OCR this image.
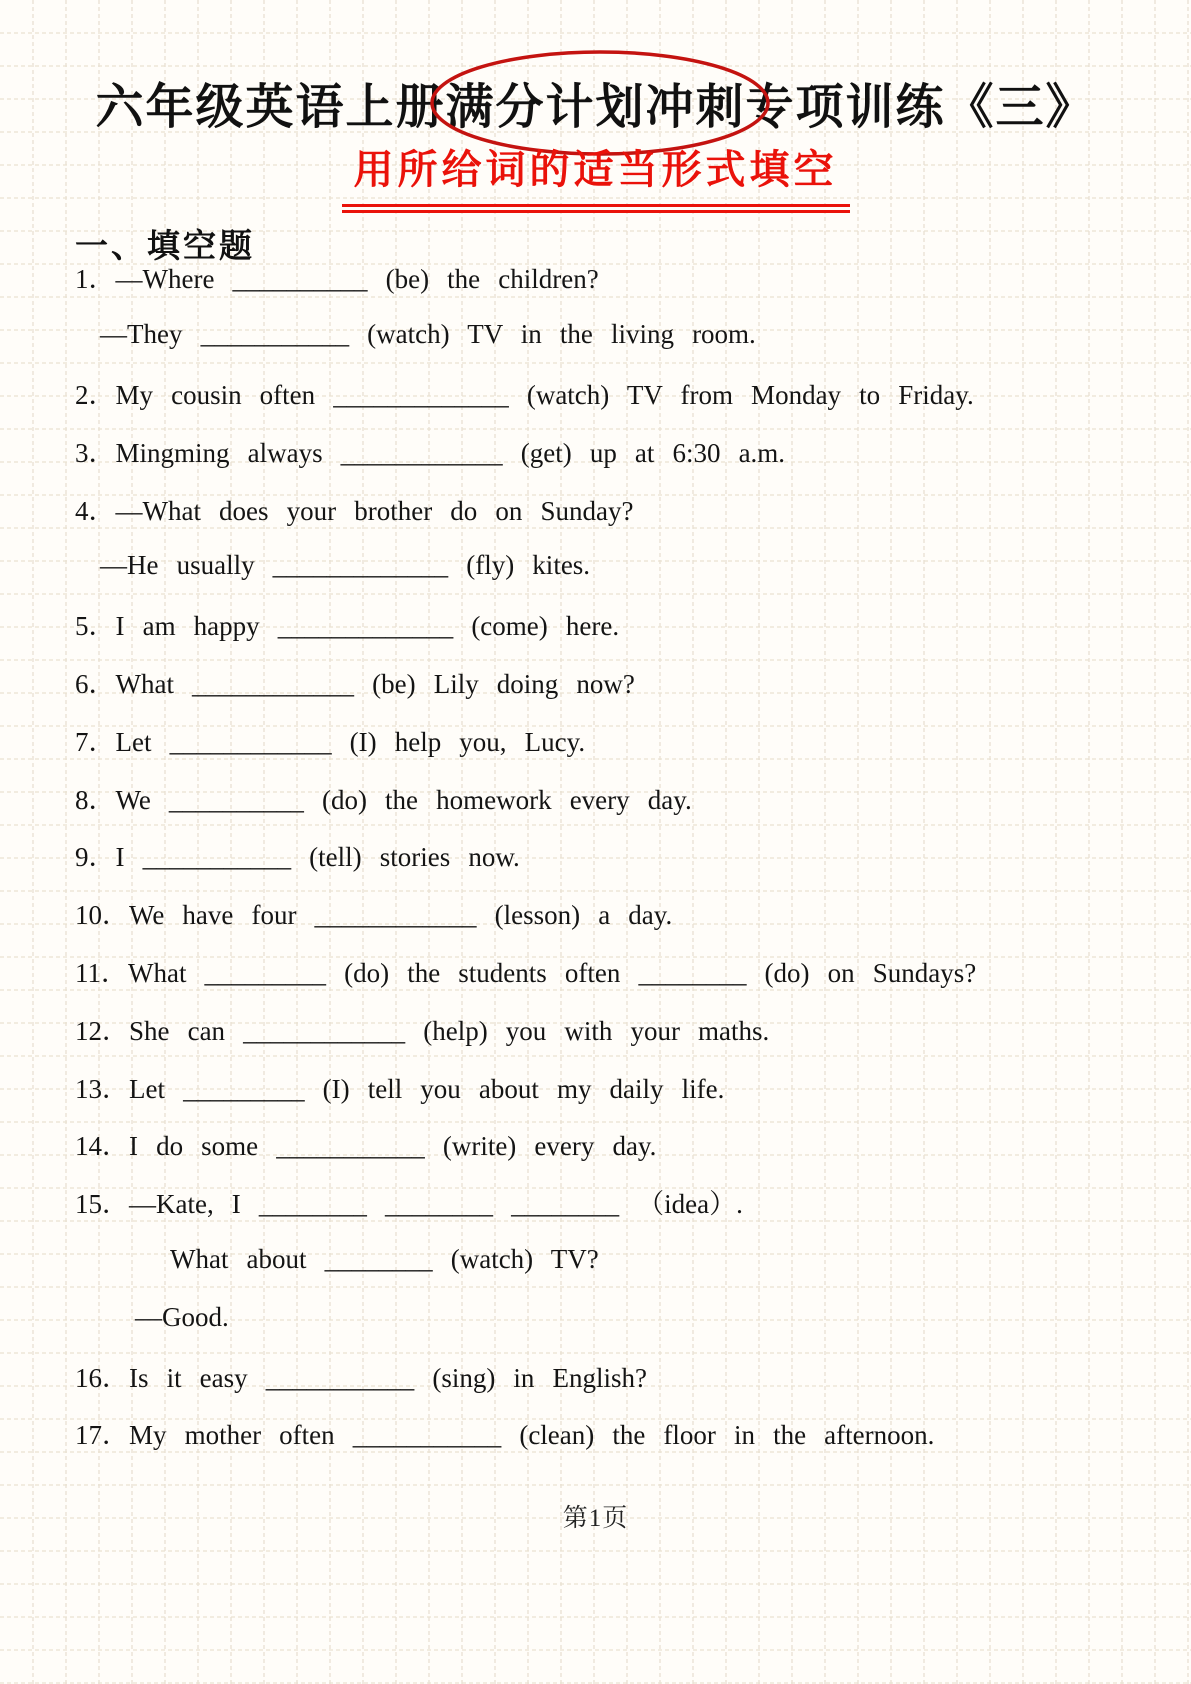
六年级英语上册满分计划冲刺专项训练《三》
用所给词的适当形式填空
一、填空题
1．—Where __________ (be) the children?
—They ___________ (watch) TV in the living room.
2．My cousin often _____________ (watch) TV from Monday to Friday.
3．Mingming always ____________ (get) up at 6:30 a.m.
4．—What does your brother do on Sunday?
—He usually _____________ (fly) kites.
5．I am happy _____________ (come) here.
6．What ____________ (be) Lily doing now?
7．Let ____________ (I) help you, Lucy.
8．We __________ (do) the homework every day.
9．I ___________ (tell) stories now.
10．We have four ____________ (lesson) a day.
11．What _________ (do) the students often ________ (do) on Sundays?
12．She can ____________ (help) you with your maths.
13．Let _________ (I) tell you about my daily life.
14．I do some ___________ (write) every day.
15．—Kate, I ________ ________ ________ （idea）.
What about ________ (watch) TV?
—Good.
16．Is it easy ___________ (sing) in English?
17．My mother often ___________ (clean) the floor in the afternoon.
第1页
